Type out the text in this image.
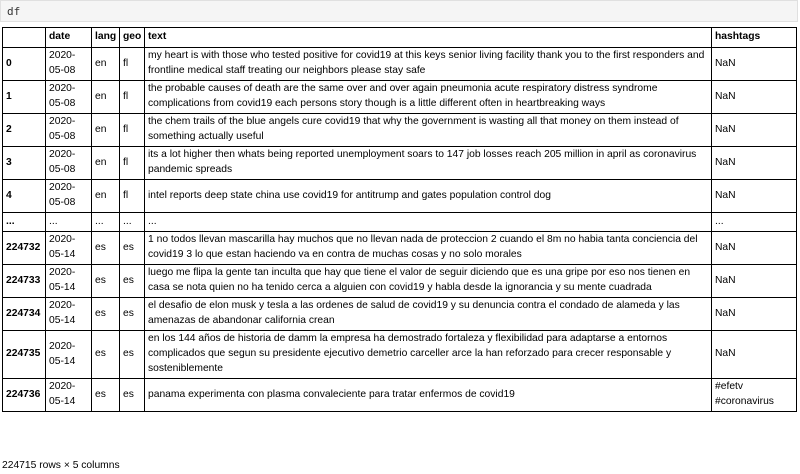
df
	date	lang	geo	text	hashtags
0	2020-05-08	en	fl	my heart is with those who tested positive for covid19 at this keys senior living facility thank you to the first responders and frontline medical staff treating our neighbors please stay safe	NaN

1	2020-05-08	en	fl	the probable causes of death are the same over and over again pneumonia acute respiratory distress syndrome complications from covid19 each persons story though is a little different often in heartbreaking ways	NaN

2	2020-05-08	en	fl	the chem trails of the blue angels cure covid19 that why the government is wasting all that money on them instead of something actually useful	NaN

3	2020-05-08	en	fl	its a lot higher then whats being reported unemployment soars to 147 job losses reach 205 million in april as coronavirus pandemic spreads	NaN

4	2020-05-08	en	fl	intel reports deep state china use covid19 for antitrump and gates population control dog	NaN

...	...	...	...	...	...

224732	2020-05-14	es	es	1 no todos llevan mascarilla hay muchos que no llevan nada de proteccion 2 cuando el 8m no habia tanta conciencia del covid19 3 lo que estan haciendo va en contra de muchas cosas y no solo morales	NaN

224733	2020-05-14	es	es	luego me flipa la gente tan inculta que hay que tiene el valor de seguir diciendo que es una gripe por eso nos tienen en casa se nota quien no ha tenido cerca a alguien con covid19 y habla desde la ignorancia y su mente cuadrada	NaN

224734	2020-05-14	es	es	el desafio de elon musk y tesla a las ordenes de salud de covid19 y su denuncia contra el condado de alameda y las amenazas de abandonar california crean	NaN

224735	2020-05-14	es	es	en los 144 años de historia de damm la empresa ha demostrado fortaleza y flexibilidad para adaptarse a entornos complicados que segun su presidente ejecutivo demetrio carceller arce la han reforzado para crecer responsable y sosteniblemente	NaN

224736	2020-05-14	es	es	panama experimenta con plasma convaleciente para tratar enfermos de covid19	#efetv
#coronavirus
224715 rows × 5 columns
